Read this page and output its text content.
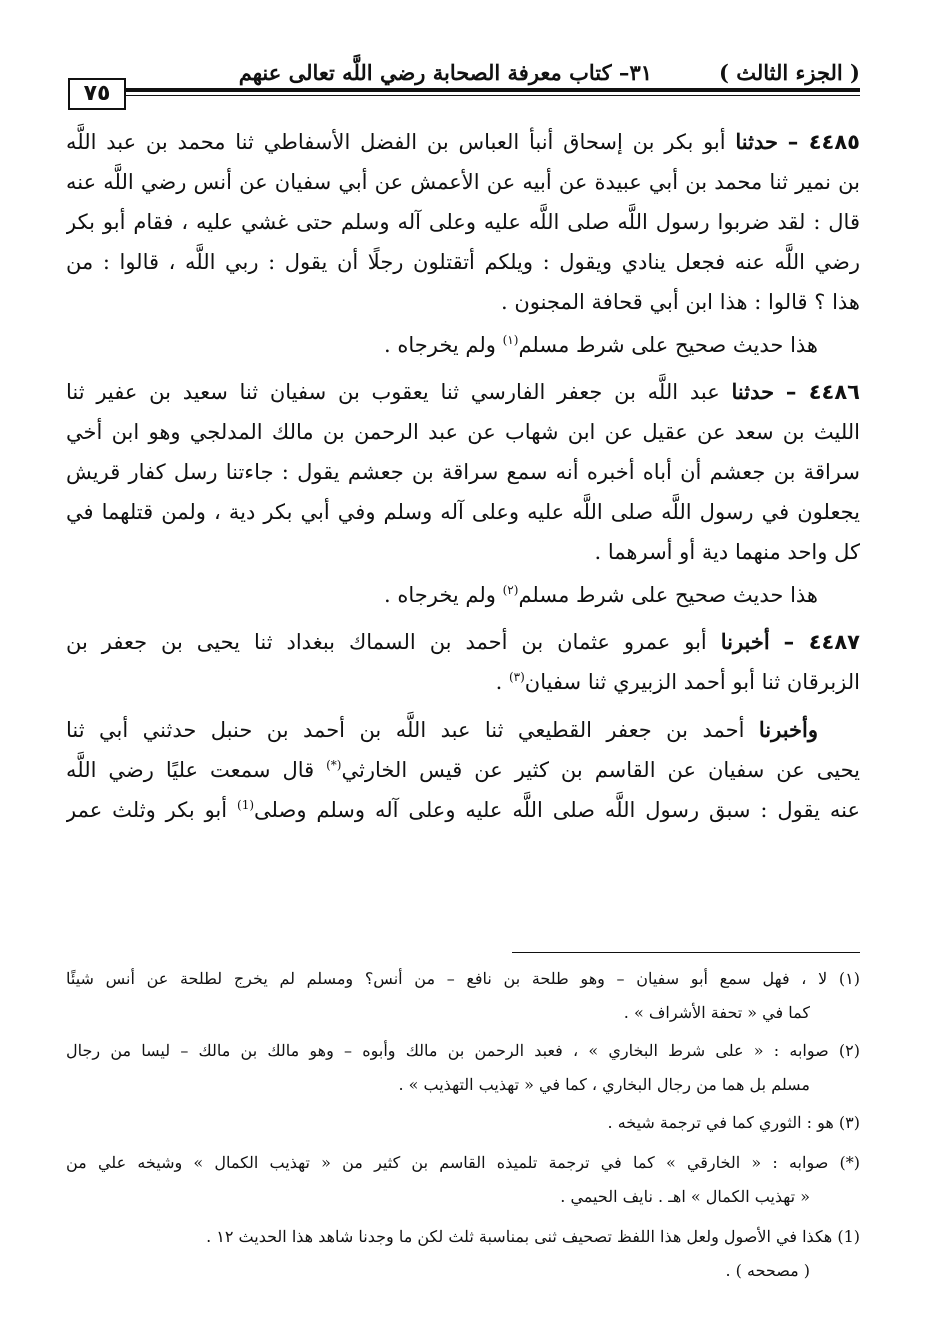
( الجزء الثالث )
٣١– كتاب معرفة الصحابة رضي اللَّه تعالى عنهم
٧٥
٤٤٨٥ – حدثنا أبو بكر بن إسحاق أنبأ العباس بن الفضل الأسفاطي ثنا محمد بن عبد اللَّه
بن نمير ثنا محمد بن أبي عبيدة عن أبيه عن الأعمش عن أبي سفيان عن أنس رضي اللَّه عنه
قال : لقد ضربوا رسول اللَّه صلى اللَّه عليه وعلى آله وسلم حتى غشي عليه ، فقام أبو بكر
رضي اللَّه عنه فجعل ينادي ويقول : ويلكم أتقتلون رجلًا أن يقول : ربي اللَّه ، قالوا : من
هذا ؟ قالوا : هذا ابن أبي قحافة المجنون .
هذا حديث صحيح على شرط مسلم$^{(١)}$ ولم يخرجاه .
٤٤٨٦ – حدثنا عبد اللَّه بن جعفر الفارسي ثنا يعقوب بن سفيان ثنا سعيد بن عفير ثنا
الليث بن سعد عن عقيل عن ابن شهاب عن عبد الرحمن بن مالك المدلجي وهو ابن أخي
سراقة بن جعشم أن أباه أخبره أنه سمع سراقة بن جعشم يقول : جاءتنا رسل كفار قريش
يجعلون في رسول اللَّه صلى اللَّه عليه وعلى آله وسلم وفي أبي بكر دية ، ولمن قتلهما في
كل واحد منهما دية أو أسرهما .
هذا حديث صحيح على شرط مسلم$^{(٢)}$ ولم يخرجاه .
٤٤٨٧ – أخبرنا أبو عمرو عثمان بن أحمد بن السماك ببغداد ثنا يحيى بن جعفر بن
الزبرقان ثنا أبو أحمد الزبيري ثنا سفيان$^{(٣)}$ .
وأخبرنا أحمد بن جعفر القطيعي ثنا عبد اللَّه بن أحمد بن حنبل حدثني أبي ثنا
يحيى عن سفيان عن القاسم بن كثير عن قيس الخارثي(*) قال سمعت عليًا رضي اللَّه
عنه يقول : سبق رسول اللَّه صلى اللَّه عليه وعلى آله وسلم وصلى$^{(1)}$ أبو بكر وثلث عمر
(١) لا ، فهل سمع أبو سفيان – وهو طلحة بن نافع – من أنس؟ ومسلم لم يخرج لطلحة عن أنس شيئًا
كما في « تحفة الأشراف » .
(٢) صوابه : « على شرط البخاري » ، فعبد الرحمن بن مالك وأبوه – وهو مالك بن مالك – ليسا من رجال
مسلم بل هما من رجال البخاري ، كما في « تهذيب التهذيب » .
(٣) هو : الثوري كما في ترجمة شيخه .
(*) صوابه : « الخارقي » كما في ترجمة تلميذه القاسم بن كثير من « تهذيب الكمال » وشيخه علي من
« تهذيب الكمال » اهـ . نايف الحيمي .
(1) هكذا في الأصول ولعل هذا اللفظ تصحيف ثنى بمناسبة ثلث لكن ما وجدنا شاهد هذا الحديث ١٢ .
( مصححه ) .
